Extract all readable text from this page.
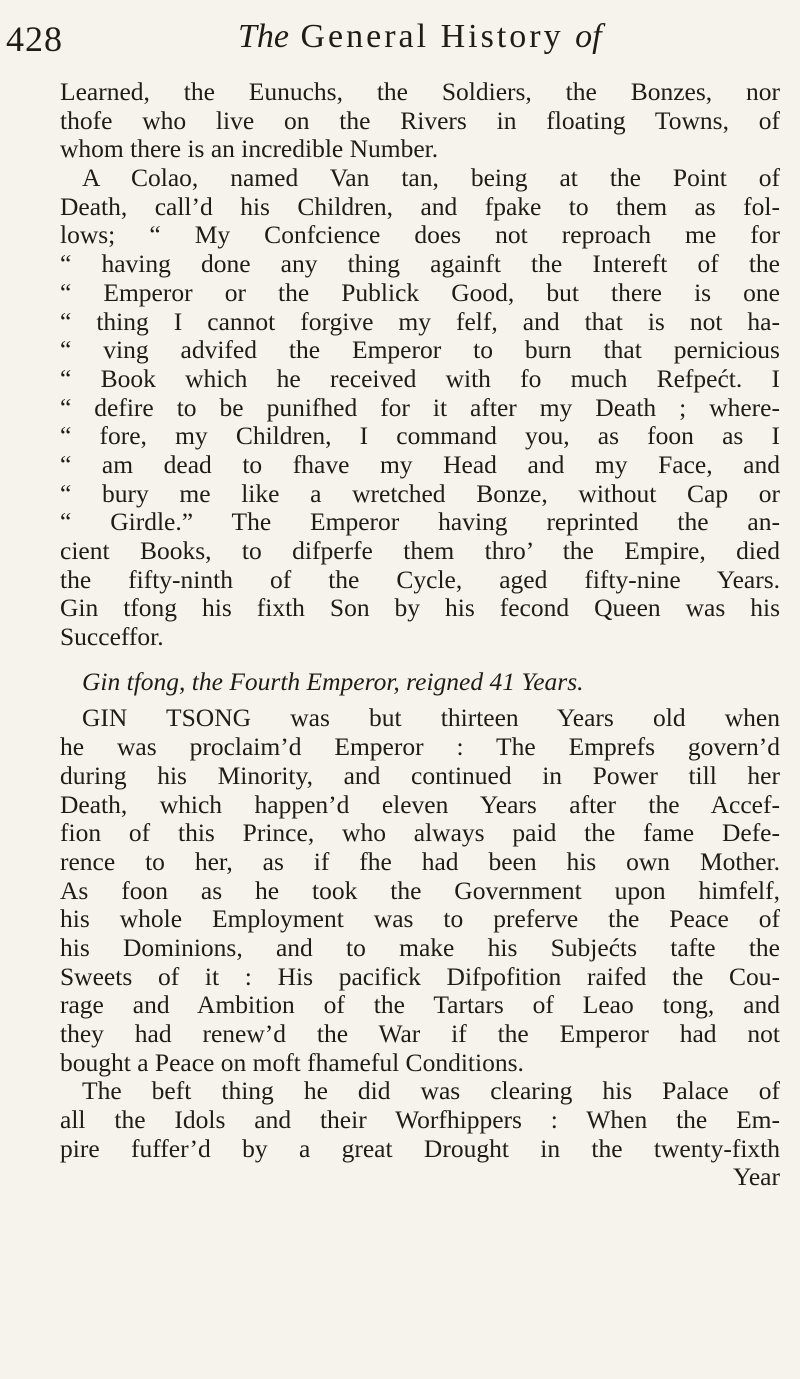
428	The General History of
Learned, the Eunuchs, the Soldiers, the Bonzes, nor
thofe who live on the Rivers in floating Towns, of
whom there is an incredible Number.
A Colao, named Van tan, being at the Point of
Death, call’d his Children, and fpake to them as fol-
lows; “ My Confcience does not reproach me for
“ having done any thing againft the Intereft of the
“ Emperor or the Publick Good, but there is one
“ thing I cannot forgive my felf, and that is not ha-
“ ving advifed the Emperor to burn that pernicious
“ Book which he received with fo much Refpećt. I
“ defire to be punifhed for it after my Death ; where-
“ fore, my Children, I command you, as foon as I
“ am dead to fhave my Head and my Face, and
“ bury me like a wretched Bonze, without Cap or
“ Girdle.” The Emperor having reprinted the an-
cient Books, to difperfe them thro’ the Empire, died
the fifty-ninth of the Cycle, aged fifty-nine Years.
Gin tfong his fixth Son by his fecond Queen was his
Succeffor.
Gin tfong, the Fourth Emperor, reigned 41 Years.
GIN TSONG was but thirteen Years old when
he was proclaim’d Emperor : The Emprefs govern’d
during his Minority, and continued in Power till her
Death, which happen’d eleven Years after the Accef-
fion of this Prince, who always paid the fame Defe-
rence to her, as if fhe had been his own Mother.
As foon as he took the Government upon himfelf,
his whole Employment was to preferve the Peace of
his Dominions, and to make his Subjećts tafte the
Sweets of it : His pacifick Difpofition raifed the Cou-
rage and Ambition of the Tartars of Leao tong, and
they had renew’d the War if the Emperor had not
bought a Peace on moft fhameful Conditions.
The beft thing he did was clearing his Palace of
all the Idols and their Worfhippers : When the Em-
pire fuffer’d by a great Drought in the twenty-fixth
Year
